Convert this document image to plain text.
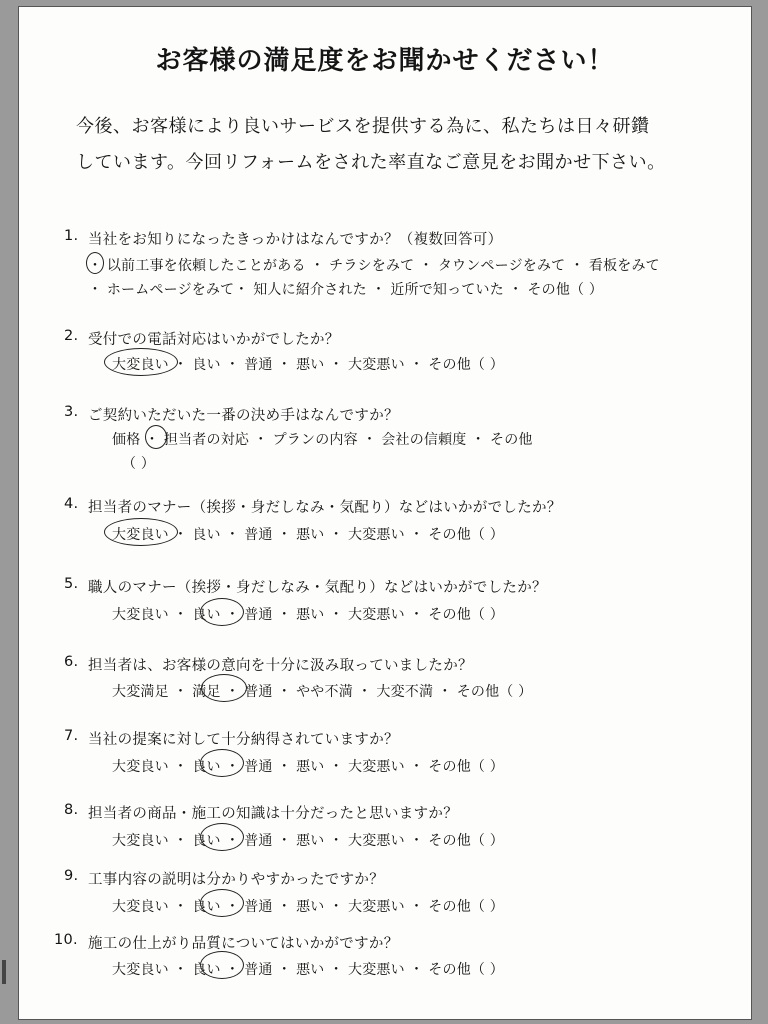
お客様の満足度をお聞かせください！
今後、お客様により良いサービスを提供する為に、私たちは日々研鑽
しています。今回リフォームをされた率直なご意見をお聞かせ下さい。
1. 当社をお知りになったきっかけはなんですか？（複数回答可）
・ 以前工事を依頼したことがある ・ チラシをみて ・ タウンページをみて ・ 看板をみて
・ ホームページをみて・ 知人に紹介された ・ 近所で知っていた ・ その他（ ）
2. 受付での電話対応はいかがでしたか？
大変良い ・ 良い ・ 普通 ・ 悪い ・ 大変悪い ・ その他（ ）
3. ご契約いただいた一番の決め手はなんですか？
価格 ・ 担当者の対応 ・ プランの内容 ・ 会社の信頼度 ・ その他
（ ）
4. 担当者のマナー（挨拶・身だしなみ・気配り）などはいかがでしたか？
大変良い ・ 良い ・ 普通 ・ 悪い ・ 大変悪い ・ その他（ ）
5. 職人のマナー（挨拶・身だしなみ・気配り）などはいかがでしたか？
大変良い ・ 良い ・ 普通 ・ 悪い ・ 大変悪い ・ その他（ ）
6. 担当者は、お客様の意向を十分に汲み取っていましたか？
大変満足 ・ 満足 ・ 普通 ・ やや不満 ・ 大変不満 ・ その他（ ）
7. 当社の提案に対して十分納得されていますか？
大変良い ・ 良い ・ 普通 ・ 悪い ・ 大変悪い ・ その他（ ）
8. 担当者の商品・施工の知識は十分だったと思いますか？
大変良い ・ 良い ・ 普通 ・ 悪い ・ 大変悪い ・ その他（ ）
9. 工事内容の説明は分かりやすかったですか？
大変良い ・ 良い ・ 普通 ・ 悪い ・ 大変悪い ・ その他（ ）
10. 施工の仕上がり品質についてはいかがですか？
大変良い ・ 良い ・ 普通 ・ 悪い ・ 大変悪い ・ その他（ ）
